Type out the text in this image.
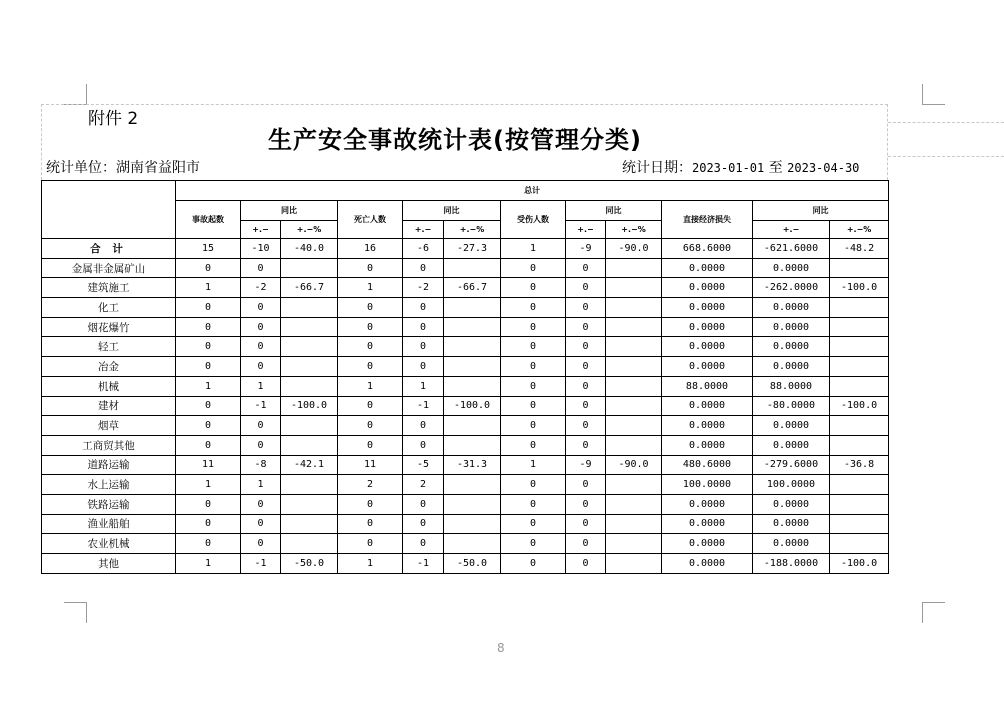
附件 2
生产安全事故统计表(按管理分类)
统计单位：湖南省益阳市	统计日期：2023-01-01 至 2023-04-30
	总计											
	事故起数	同比		死亡人数	同比		受伤人数	同比		直接经济损失	同比	
		+.−	+.−%		+.−	+.−%		+.−	+.−%		+.−	+.−%
合 计	15	-10	-40.0	16	-6	-27.3	1	-9	-90.0	668.6000	-621.6000	-48.2
金属非金属矿山	0	0		0	0		0	0		0.0000	0.0000	
建筑施工	1	-2	-66.7	1	-2	-66.7	0	0		0.0000	-262.0000	-100.0
化工	0	0		0	0		0	0		0.0000	0.0000	
烟花爆竹	0	0		0	0		0	0		0.0000	0.0000	
轻工	0	0		0	0		0	0		0.0000	0.0000	
冶金	0	0		0	0		0	0		0.0000	0.0000	
机械	1	1		1	1		0	0		88.0000	88.0000	
建材	0	-1	-100.0	0	-1	-100.0	0	0		0.0000	-80.0000	-100.0
烟草	0	0		0	0		0	0		0.0000	0.0000	
工商贸其他	0	0		0	0		0	0		0.0000	0.0000	
道路运输	11	-8	-42.1	11	-5	-31.3	1	-9	-90.0	480.6000	-279.6000	-36.8
水上运输	1	1		2	2		0	0		100.0000	100.0000	
铁路运输	0	0		0	0		0	0		0.0000	0.0000	
渔业船舶	0	0		0	0		0	0		0.0000	0.0000	
农业机械	0	0		0	0		0	0		0.0000	0.0000	
其他	1	-1	-50.0	1	-1	-50.0	0	0		0.0000	-188.0000	-100.0
8
